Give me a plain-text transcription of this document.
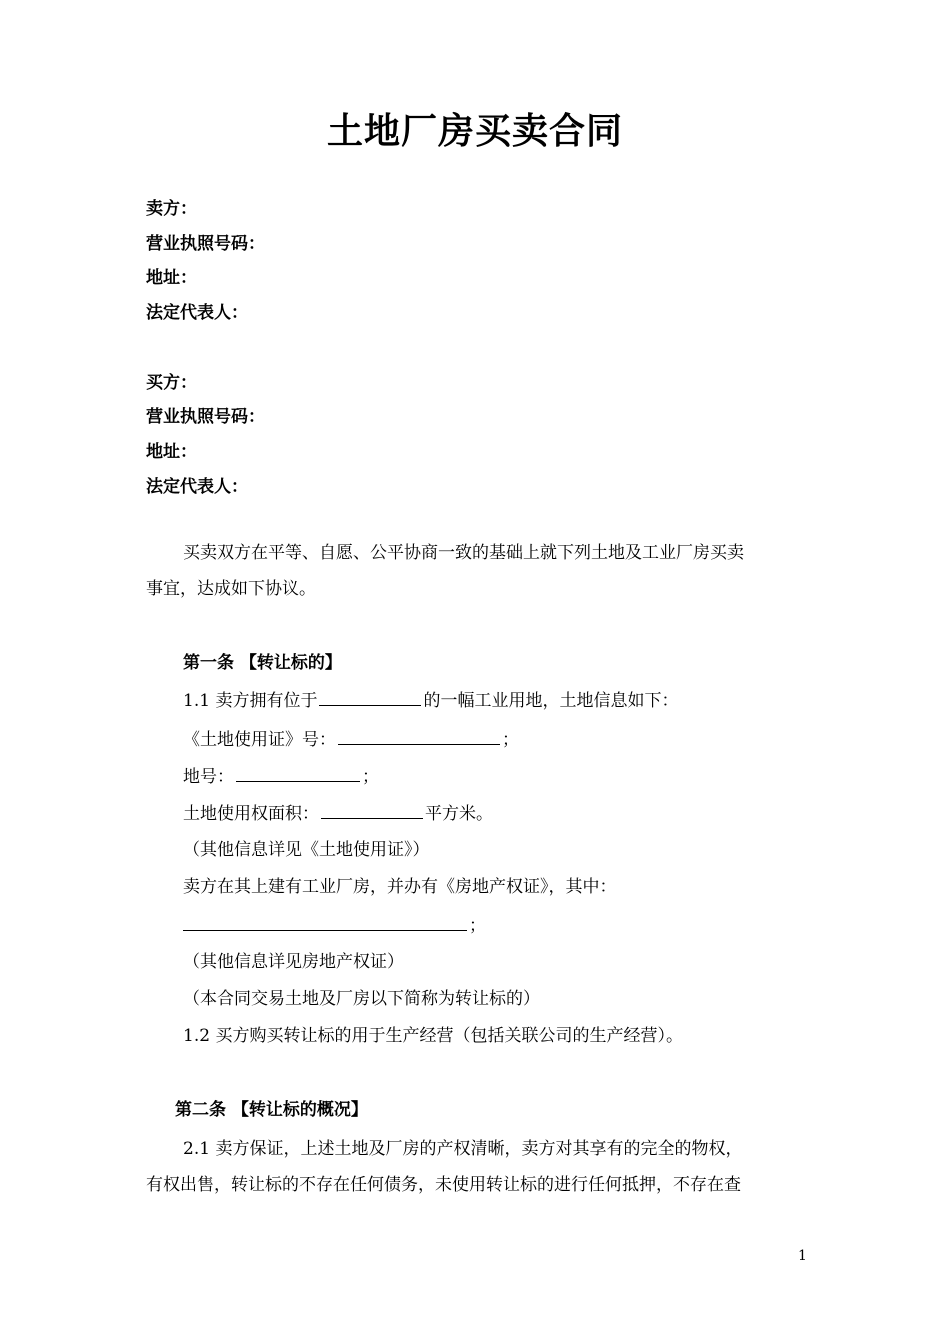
土地厂房买卖合同
卖方：
营业执照号码：
地址：
法定代表人：
买方：
营业执照号码：
地址：
法定代表人：
买卖双方在平等、自愿、公平协商一致的基础上就下列土地及工业厂房买卖
事宜，达成如下协议。
第一条 【转让标的】
1.1 卖方拥有位于	的一幅工业用地，土地信息如下：
《土地使用证》号：	；
地号：	；
土地使用权面积：	平方米。
（其他信息详见《土地使用证》）
卖方在其上建有工业厂房，并办有《房地产权证》，其中：
；
（其他信息详见房地产权证）
（本合同交易土地及厂房以下简称为转让标的）
1.2 买方购买转让标的用于生产经营（包括关联公司的生产经营）。
第二条 【转让标的概况】
2.1 卖方保证，上述土地及厂房的产权清晰，卖方对其享有的完全的物权，
有权出售，转让标的不存在任何债务，未使用转让标的进行任何抵押，不存在查
1
